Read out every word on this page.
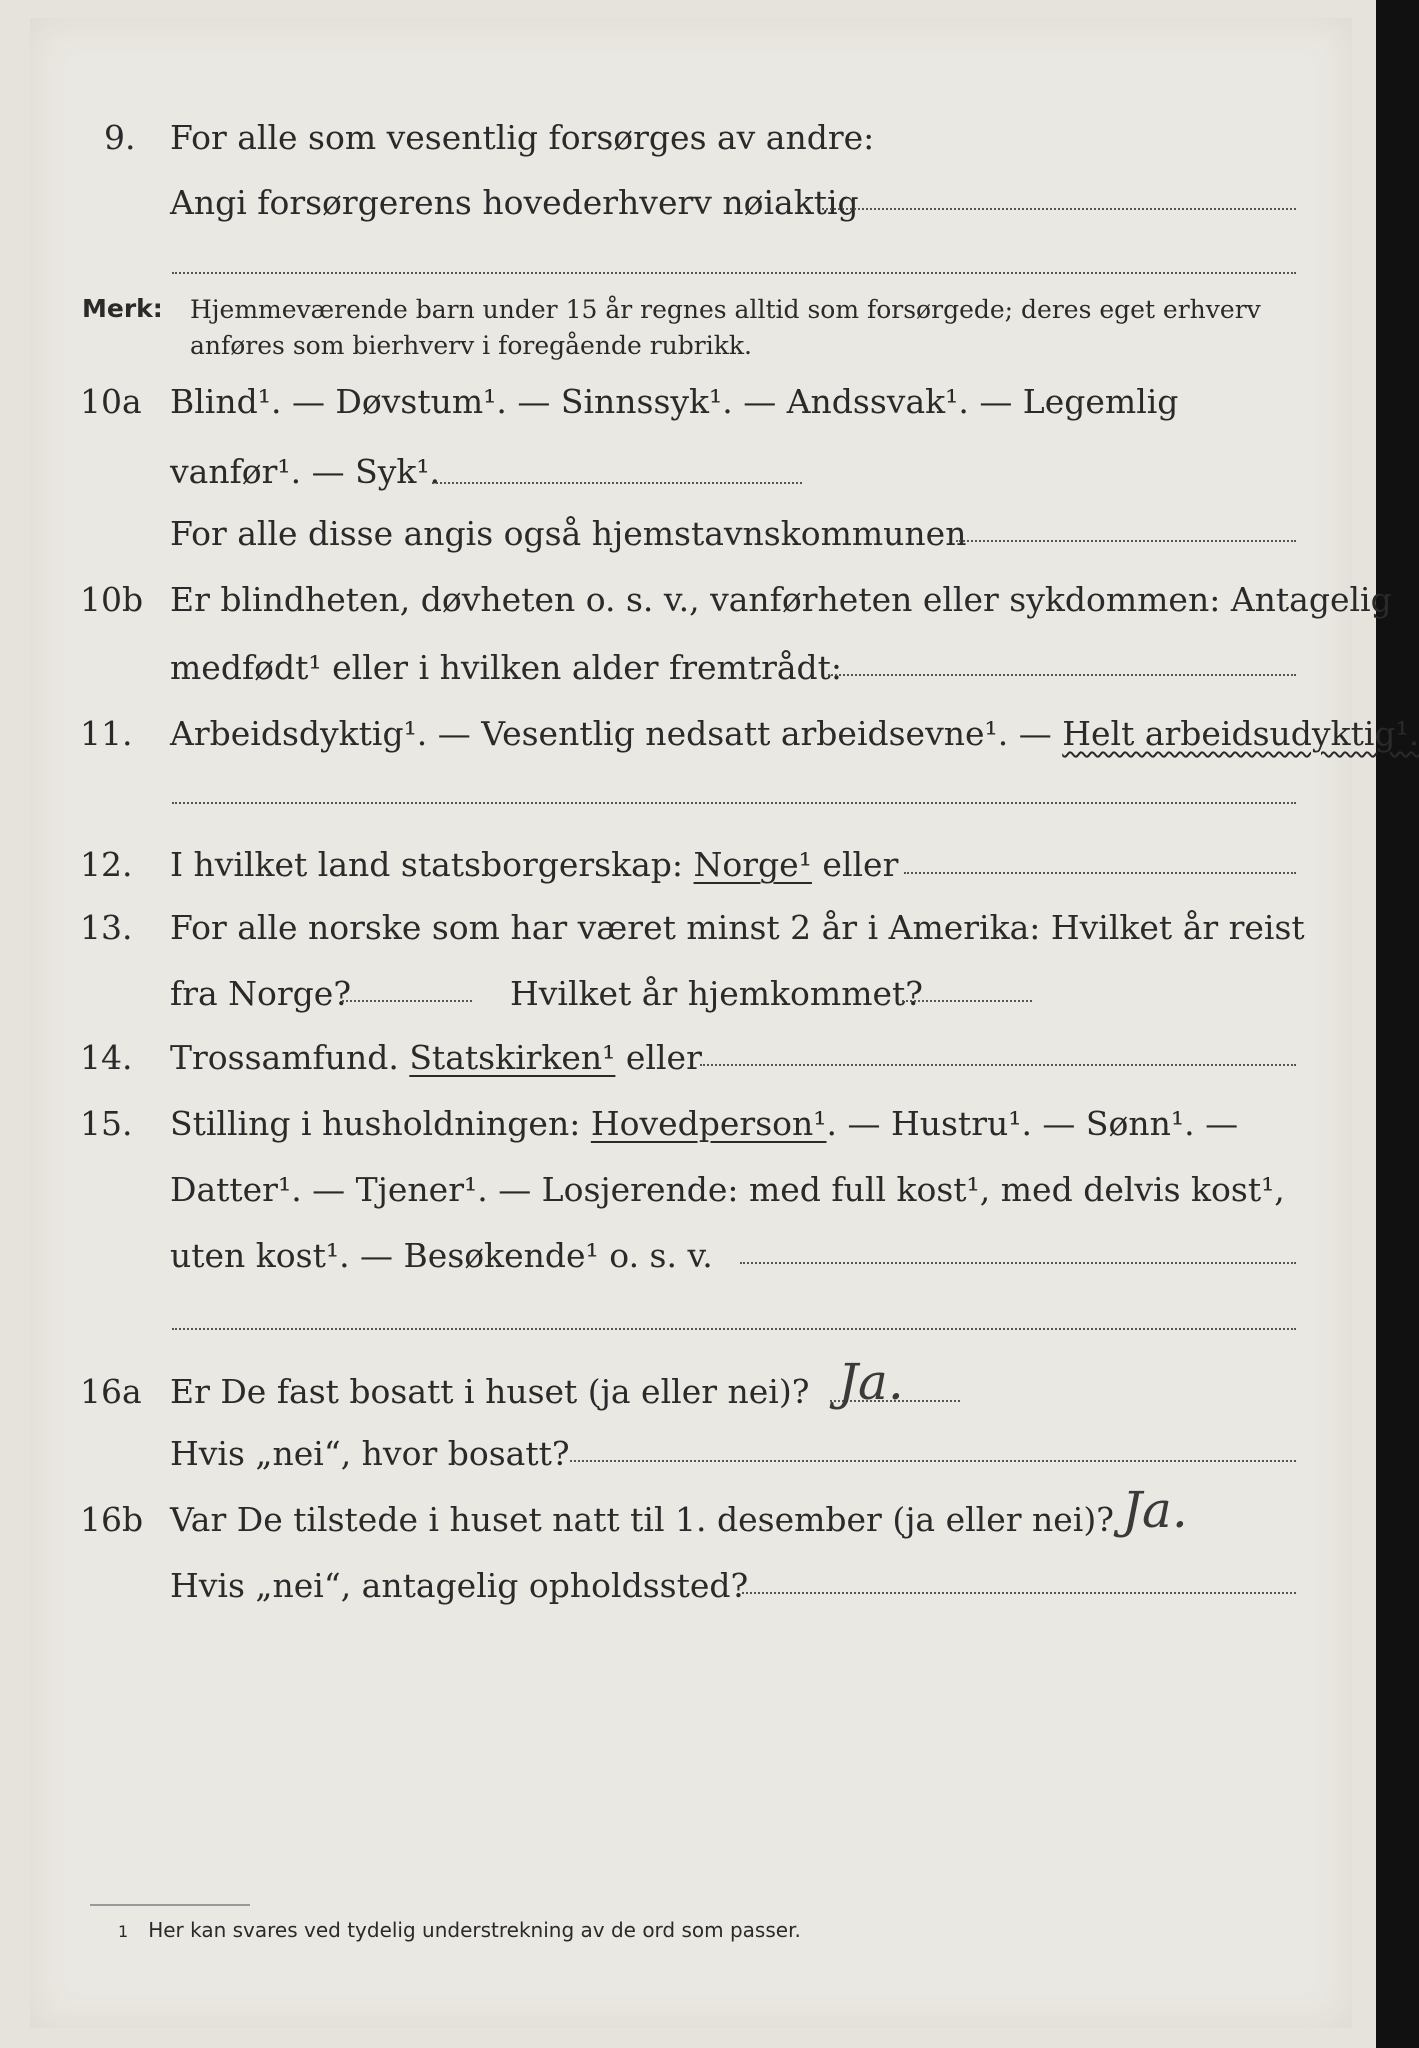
9. For alle som vesentlig forsørges av andre:
Angi forsørgerens hovederhverv nøiaktig
Merk: Hjemmeværende barn under 15 år regnes alltid som forsørgede; deres eget erhverv
anføres som bierhverv i foregående rubrikk.
10a Blind¹. — Døvstum¹. — Sinnssyk¹. — Andssvak¹. — Legemlig
vanfør¹. — Syk¹.
For alle disse angis også hjemstavnskommunen
10b Er blindheten, døvheten o. s. v., vanførheten eller sykdommen: Antagelig
medfødt¹ eller i hvilken alder fremtrådt:
11. Arbeidsdyktig¹. — Vesentlig nedsatt arbeidsevne¹. — Helt arbeidsudyktig¹.
12. I hvilket land statsborgerskap: Norge¹ eller
13. For alle norske som har været minst 2 år i Amerika: Hvilket år reist
fra Norge?	Hvilket år hjemkommet?
14. Trossamfund. Statskirken¹ eller
15. Stilling i husholdningen: Hovedperson¹. — Hustru¹. — Sønn¹. —
Datter¹. — Tjener¹. — Losjerende: med full kost¹, med delvis kost¹,
uten kost¹. — Besøkende¹ o. s. v.
16a Er De fast bosatt i huset (ja eller nei)? Ja.
Hvis „nei“, hvor bosatt?
16b Var De tilstede i huset natt til 1. desember (ja eller nei)? Ja.
Hvis „nei“, antagelig opholdssted?
1 Her kan svares ved tydelig understrekning av de ord som passer.
